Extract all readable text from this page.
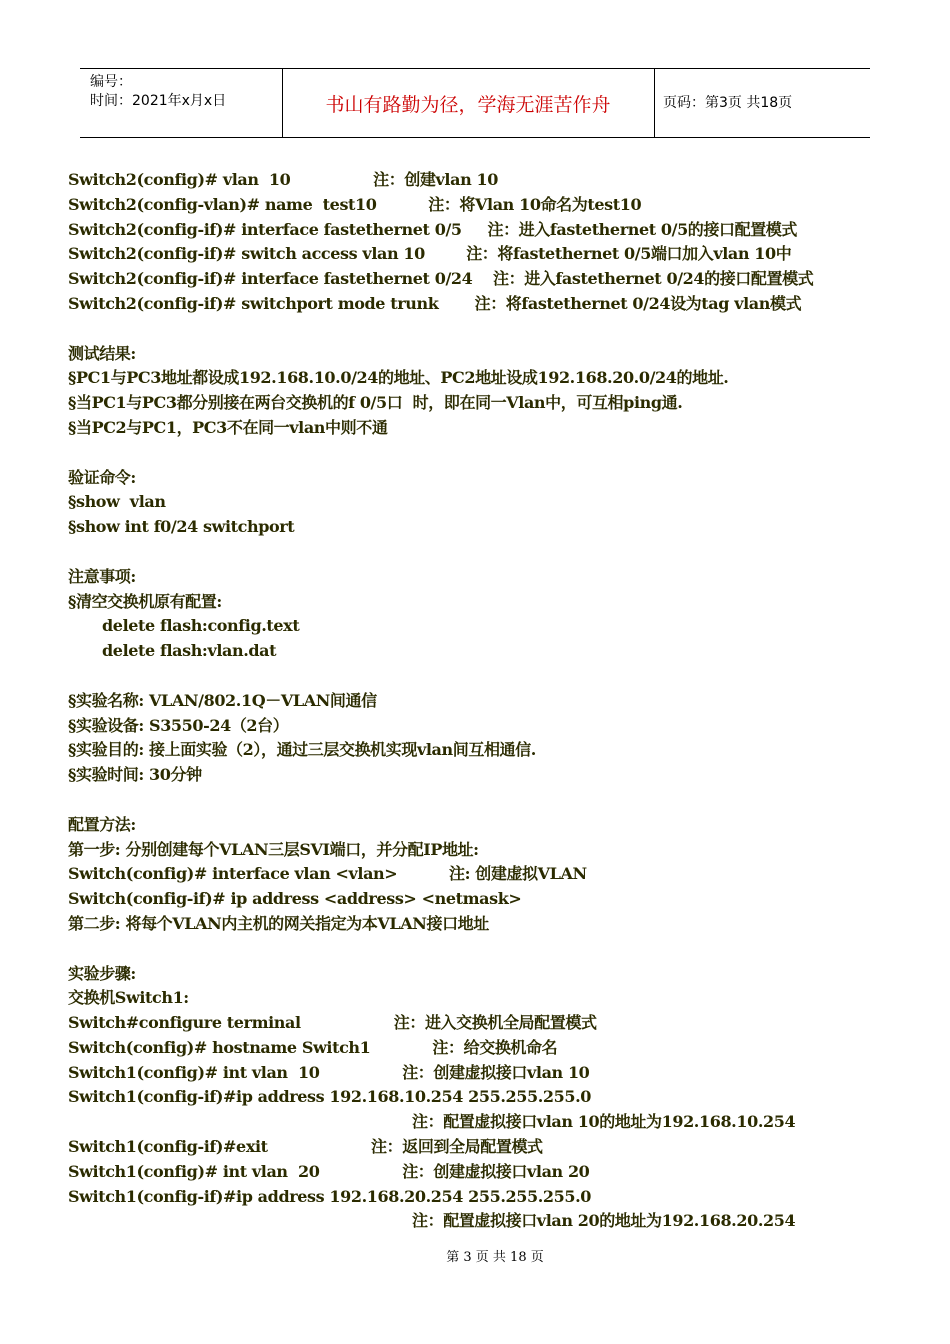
编号：
时间：2021年x月x日	书山有路勤为径，学海无涯苦作舟	页码：第3页 共18页
Switch2(config)# vlan  10                注：创建vlan 10
Switch2(config-vlan)# name  test10          注：将Vlan 10命名为test10
Switch2(config-if)# interface fastethernet 0/5     注：进入fastethernet 0/5的接口配置模式
Switch2(config-if)# switch access vlan 10        注：将fastethernet 0/5端口加入vlan 10中
Switch2(config-if)# interface fastethernet 0/24    注：进入fastethernet 0/24的接口配置模式
Switch2(config-if)# switchport mode trunk       注：将fastethernet 0/24设为tag vlan模式
测试结果:
§PC1与PC3地址都设成192.168.10.0/24的地址、PC2地址设成192.168.20.0/24的地址.
§当PC1与PC3都分别接在两台交换机的f 0/5口  时，即在同一Vlan中，可互相ping通.
§当PC2与PC1，PC3不在同一vlan中则不通
验证命令:
§show  vlan
§show int f0/24 switchport
注意事项:
§清空交换机原有配置:
delete flash:config.text
delete flash:vlan.dat
§实验名称: VLAN/802.1Q－VLAN间通信
§实验设备: S3550-24（2台）
§实验目的: 接上面实验（2），通过三层交换机实现vlan间互相通信.
§实验时间: 30分钟
配置方法:
第一步: 分别创建每个VLAN三层SVI端口，并分配IP地址:
Switch(config)# interface vlan <vlan>          注: 创建虚拟VLAN
Switch(config-if)# ip address <address> <netmask>
第二步: 将每个VLAN内主机的网关指定为本VLAN接口地址
实验步骤:
交换机Switch1:
Switch#configure terminal                  注：进入交换机全局配置模式
Switch(config)# hostname Switch1            注：给交换机命名
Switch1(config)# int vlan  10                注：创建虚拟接口vlan 10
Switch1(config-if)#ip address 192.168.10.254 255.255.255.0
注：配置虚拟接口vlan 10的地址为192.168.10.254
Switch1(config-if)#exit                    注：返回到全局配置模式
Switch1(config)# int vlan  20                注：创建虚拟接口vlan 20
Switch1(config-if)#ip address 192.168.20.254 255.255.255.0
注：配置虚拟接口vlan 20的地址为192.168.20.254
第 3 页 共 18 页
